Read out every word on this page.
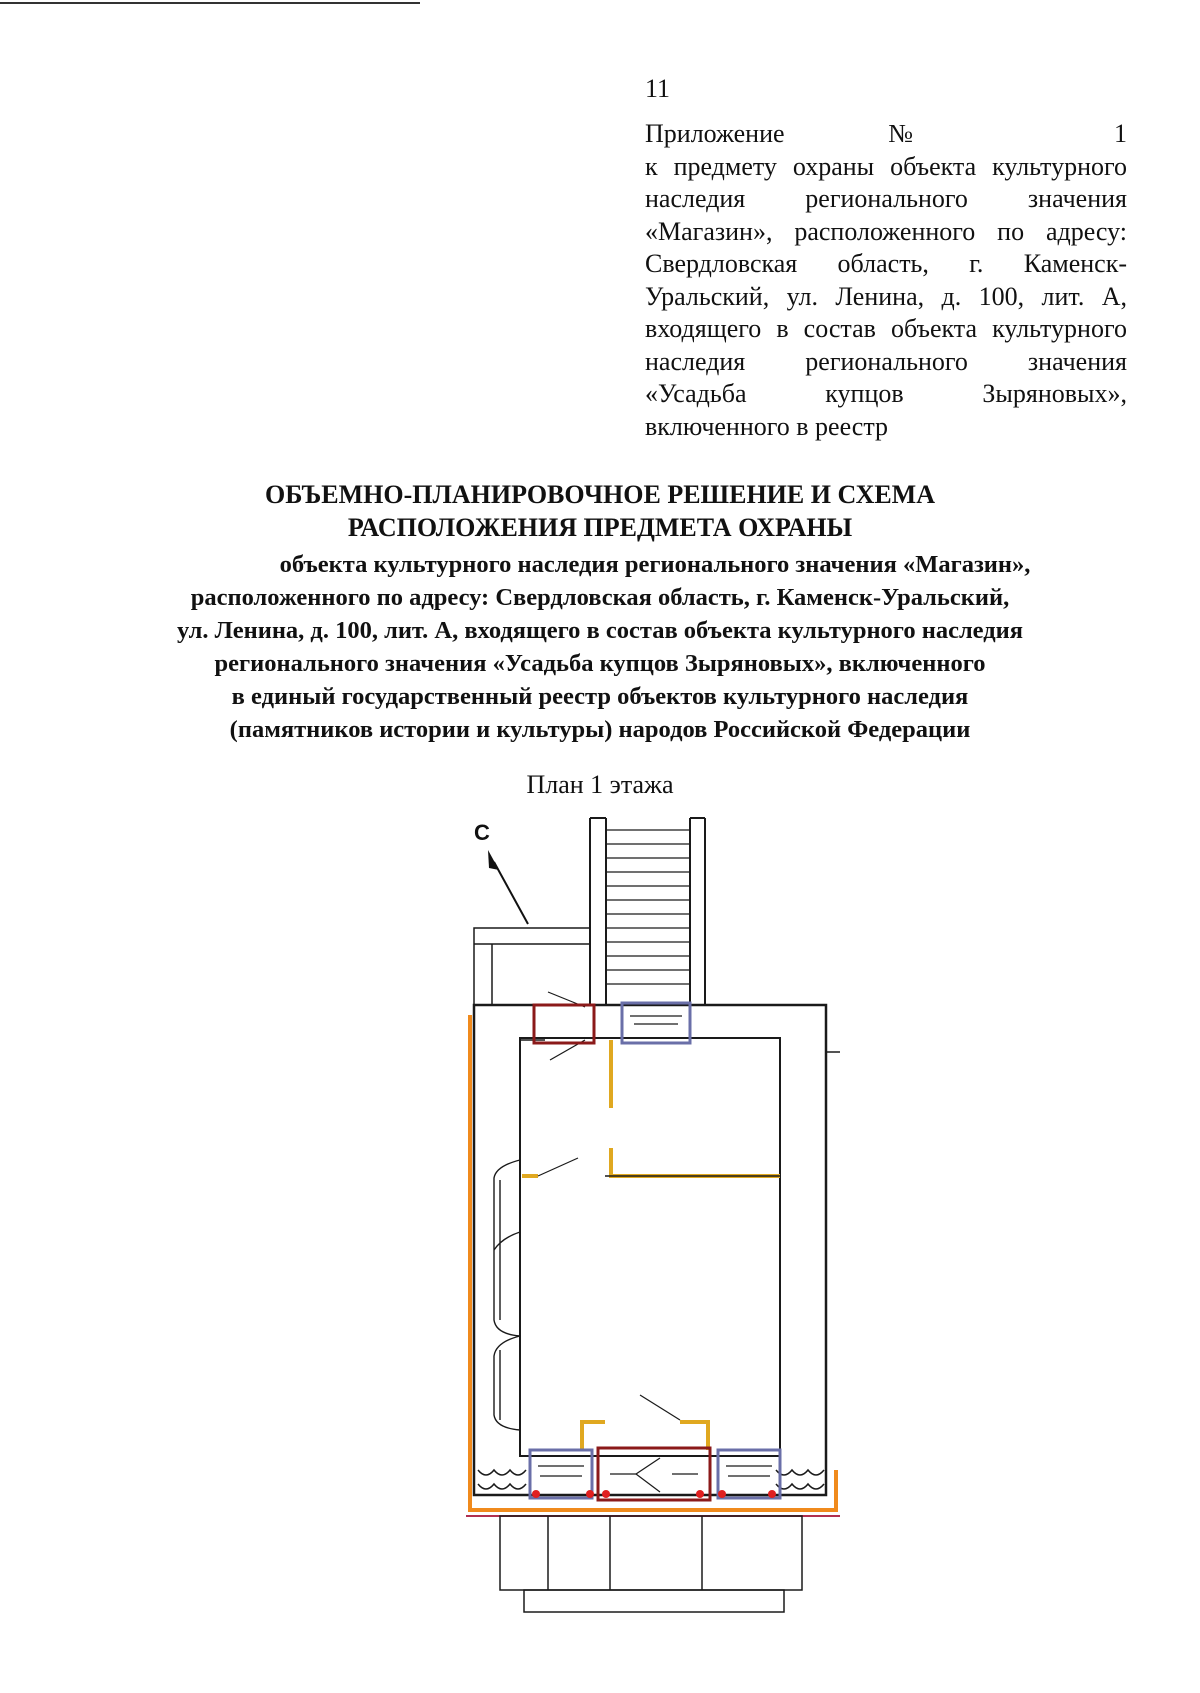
11
Приложение № 1
к предмету охраны объекта культурного
наследия регионального значения
«Магазин», расположенного по адресу:
Свердловская область, г. Каменск-
Уральский, ул. Ленина, д. 100, лит. А,
входящего в состав объекта культурного
наследия регионального значения
«Усадьба купцов Зыряновых»,
включенного в реестр
ОБЪЕМНО-ПЛАНИРОВОЧНОЕ РЕШЕНИЕ И СХЕМА
РАСПОЛОЖЕНИЯ ПРЕДМЕТА ОХРАНЫ
объекта культурного наследия регионального значения «Магазин»,
расположенного по адресу: Свердловская область, г. Каменск-Уральский,
ул. Ленина, д. 100, лит. А, входящего в состав объекта культурного наследия
регионального значения «Усадьба купцов Зыряновых», включенного
в единый государственный реестр объектов культурного наследия
(памятников истории и культуры) народов Российской Федерации
План 1 этажа
С
